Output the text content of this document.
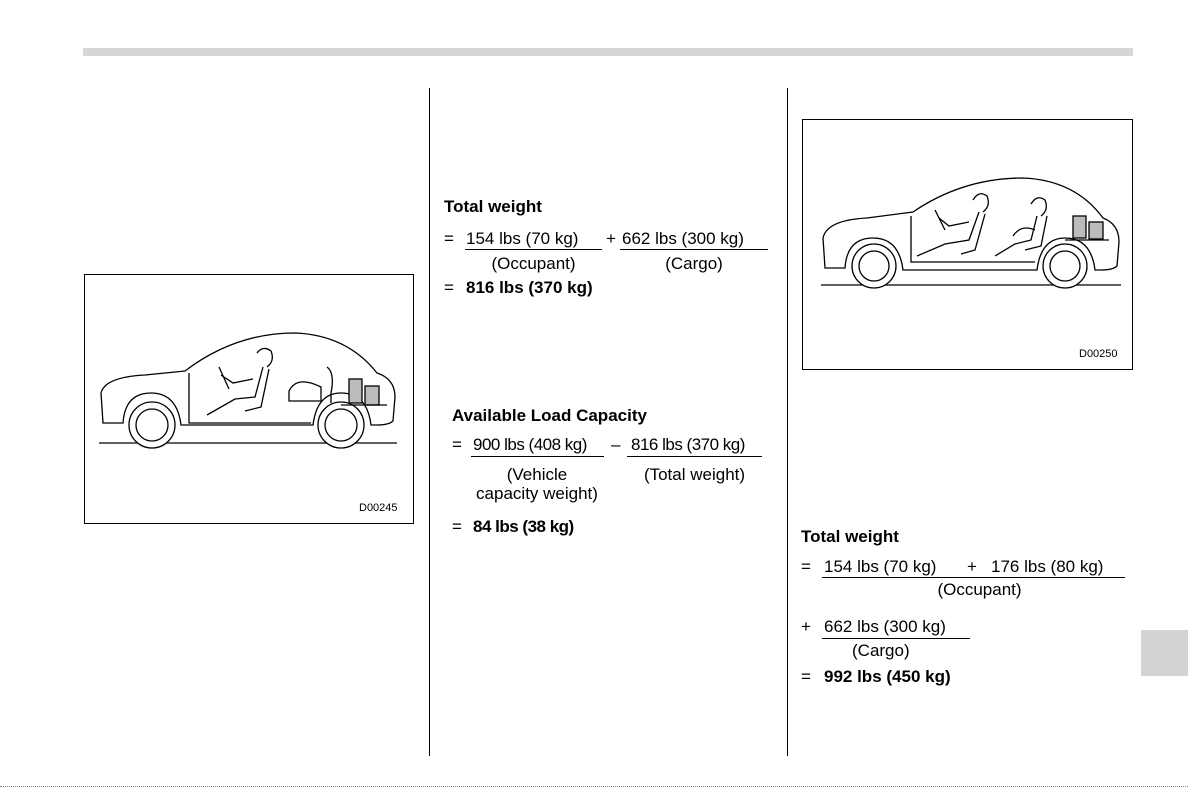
D00245
Total weight
= 154 lbs (70 kg) + 662 lbs (300 kg)
(Occupant)	(Cargo)
= 816 lbs (370 kg)
Available Load Capacity
= 900 lbs (408 kg) – 816 lbs (370 kg)
(Vehicle
capacity weight)
(Total weight)
= 84 lbs (38 kg)
D00250
Total weight
= 154 lbs (70 kg) + 176 lbs (80 kg)
(Occupant)
+ 662 lbs (300 kg)
(Cargo)
= 992 lbs (450 kg)
